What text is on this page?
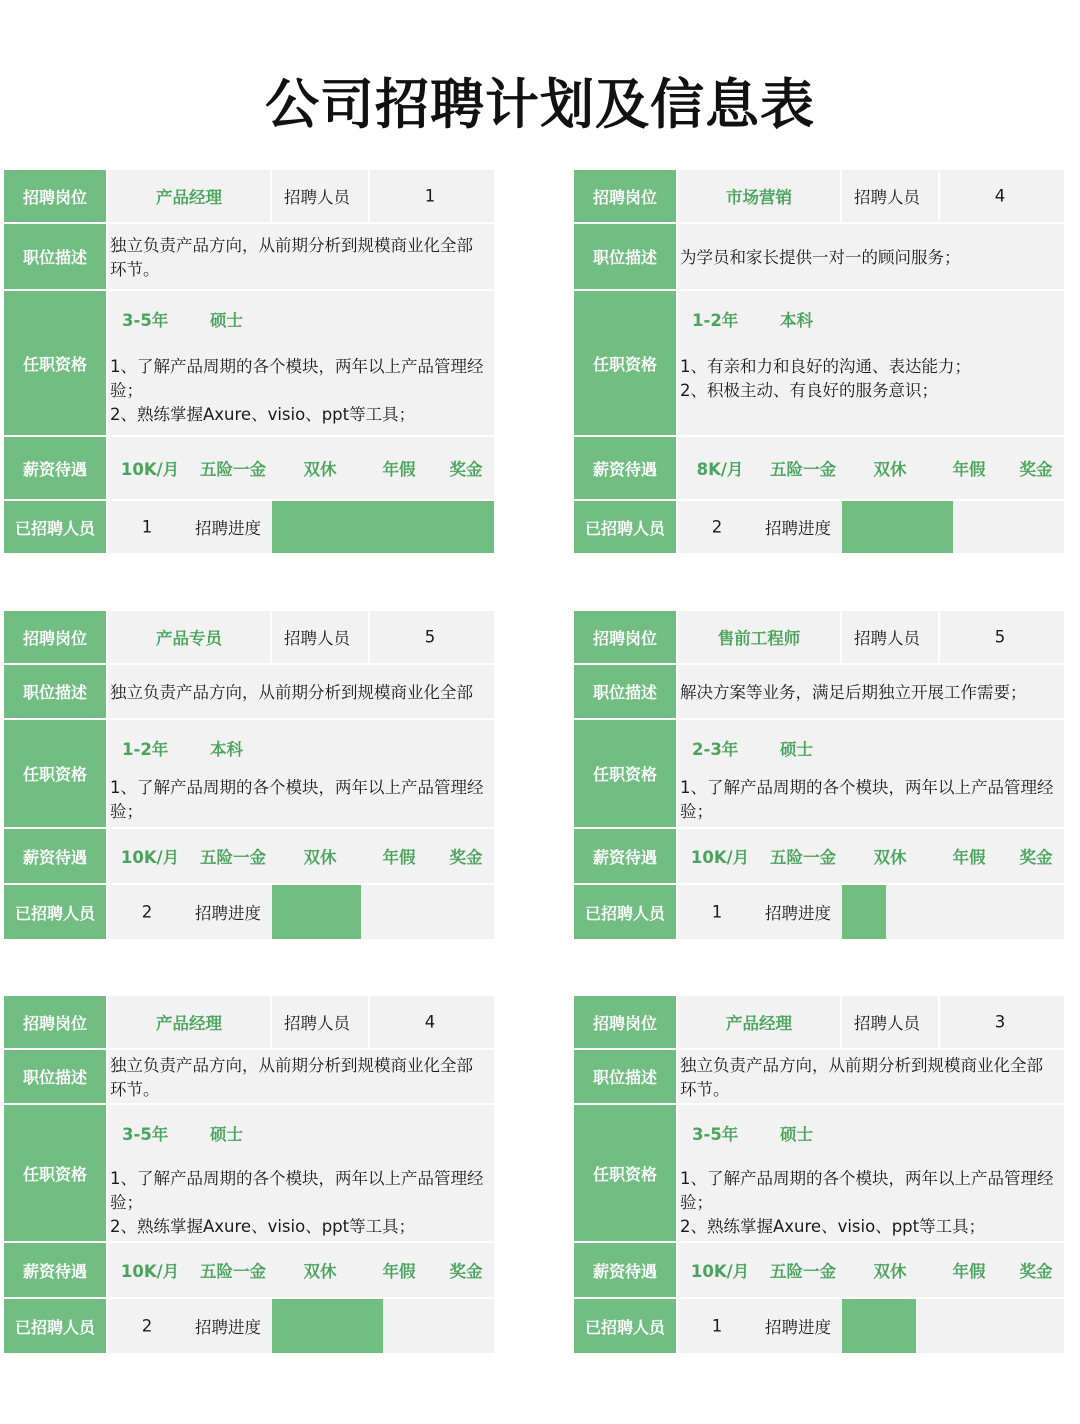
公司招聘计划及信息表
招聘岗位	产品经理	招聘人员	1
职位描述
独立负责产品方向，从前期分析到规模商业化全部环节。
任职资格
3-5年	硕士
1、了解产品周期的各个模块，两年以上产品管理经验；
2、熟练掌握Axure、visio、ppt等工具；
薪资待遇	10K/月 五险一金 双休	年假 奖金
已招聘人员	1	招聘进度
招聘岗位	市场营销	招聘人员	4
职位描述	为学员和家长提供一对一的顾问服务；
任职资格
1-2年	本科
1、有亲和力和良好的沟通、表达能力；
2、积极主动、有良好的服务意识；
薪资待遇	8K/月 五险一金 双休	年假 奖金
已招聘人员	2	招聘进度
招聘岗位	产品专员	招聘人员	5
职位描述	独立负责产品方向，从前期分析到规模商业化全部
任职资格
1-2年	本科
1、了解产品周期的各个模块，两年以上产品管理经验；
薪资待遇	10K/月 五险一金 双休	年假 奖金
已招聘人员	2	招聘进度
招聘岗位	售前工程师	招聘人员	5
职位描述	解决方案等业务，满足后期独立开展工作需要；
任职资格
2-3年	硕士
1、了解产品周期的各个模块，两年以上产品管理经验；
薪资待遇	10K/月 五险一金 双休	年假 奖金
已招聘人员	1	招聘进度
招聘岗位	产品经理	招聘人员	4
职位描述
独立负责产品方向，从前期分析到规模商业化全部环节。
任职资格
3-5年	硕士
1、了解产品周期的各个模块，两年以上产品管理经验；
2、熟练掌握Axure、visio、ppt等工具；
薪资待遇	10K/月 五险一金 双休	年假 奖金
已招聘人员	2	招聘进度
招聘岗位	产品经理	招聘人员	3
职位描述
独立负责产品方向，从前期分析到规模商业化全部环节。
任职资格
3-5年	硕士
1、了解产品周期的各个模块，两年以上产品管理经验；
2、熟练掌握Axure、visio、ppt等工具；
薪资待遇	10K/月 五险一金 双休	年假 奖金
已招聘人员	1	招聘进度
